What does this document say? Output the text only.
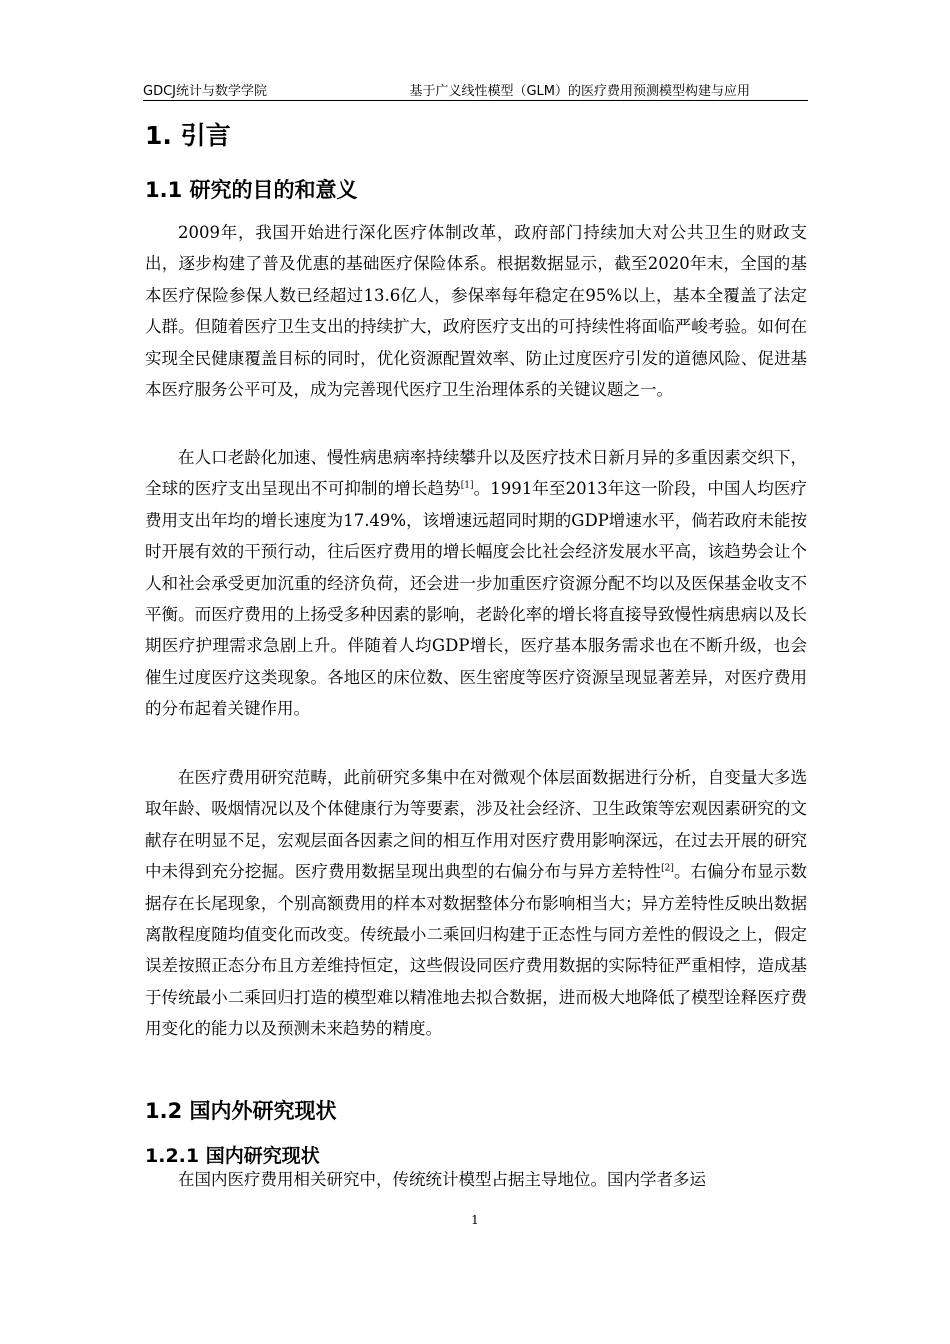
GDCJ统计与数学学院	基于广义线性模型（GLM）的医疗费用预测模型构建与应用
1. 引言
1.1 研究的目的和意义

2009年，我国开始进行深化医疗体制改革，政府部门持续加大对公共卫生的财政支出，逐步构建了普及优惠的基础医疗保险体系。根据数据显示，截至2020年末，全国的基本医疗保险参保人数已经超过13.6亿人，参保率每年稳定在95%以上，基本全覆盖了法定人群。但随着医疗卫生支出的持续扩大，政府医疗支出的可持续性将面临严峻考验。如何在实现全民健康覆盖目标的同时，优化资源配置效率、防止过度医疗引发的道德风险、促进基本医疗服务公平可及，成为完善现代医疗卫生治理体系的关键议题之一。

在人口老龄化加速、慢性病患病率持续攀升以及医疗技术日新月异的多重因素交织下，全球的医疗支出呈现出不可抑制的增长趋势[1]。1991年至2013年这一阶段，中国人均医疗费用支出年均的增长速度为17.49%，该增速远超同时期的GDP增速水平，倘若政府未能按时开展有效的干预行动，往后医疗费用的增长幅度会比社会经济发展水平高，该趋势会让个人和社会承受更加沉重的经济负荷，还会进一步加重医疗资源分配不均以及医保基金收支不平衡。而医疗费用的上扬受多种因素的影响，老龄化率的增长将直接导致慢性病患病以及长期医疗护理需求急剧上升。伴随着人均GDP增长，医疗基本服务需求也在不断升级，也会催生过度医疗这类现象。各地区的床位数、医生密度等医疗资源呈现显著差异，对医疗费用的分布起着关键作用。

在医疗费用研究范畴，此前研究多集中在对微观个体层面数据进行分析，自变量大多选取年龄、吸烟情况以及个体健康行为等要素，涉及社会经济、卫生政策等宏观因素研究的文献存在明显不足，宏观层面各因素之间的相互作用对医疗费用影响深远，在过去开展的研究中未得到充分挖掘。医疗费用数据呈现出典型的右偏分布与异方差特性[2]。右偏分布显示数据存在长尾现象，个别高额费用的样本对数据整体分布影响相当大；异方差特性反映出数据离散程度随均值变化而改变。传统最小二乘回归构建于正态性与同方差性的假设之上，假定误差按照正态分布且方差维持恒定，这些假设同医疗费用数据的实际特征严重相悖，造成基于传统最小二乘回归打造的模型难以精准地去拟合数据，进而极大地降低了模型诠释医疗费用变化的能力以及预测未来趋势的精度。

1.2 国内外研究现状
1.2.1 国内研究现状

在国内医疗费用相关研究中，传统统计模型占据主导地位。国内学者多运

1
